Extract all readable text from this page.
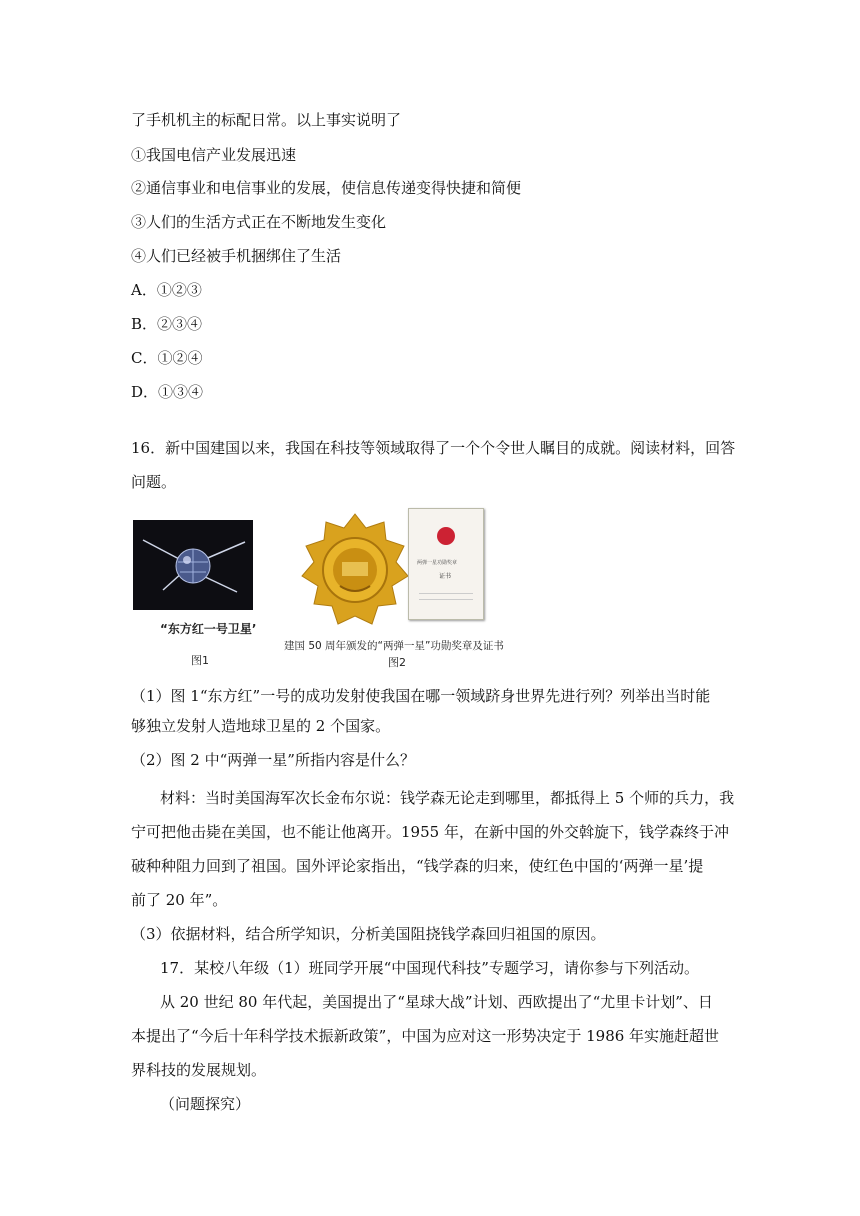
了手机机主的标配日常。以上事实说明了
①我国电信产业发展迅速
②通信事业和电信事业的发展，使信息传递变得快捷和简便
③人们的生活方式正在不断地发生变化
④人们已经被手机捆绑住了生活
A．①②③
B．②③④
C．①②④
D．①③④
16．新中国建国以来，我国在科技等领域取得了一个个令世人瞩目的成就。阅读材料，回答
问题。
“东方红一号卫星’
图1
两弹一星功勋奖章
证书
建国 50 周年颁发的“两弹一星”功勋奖章及证书
图2
（1）图 1“东方红”一号的成功发射使我国在哪一领域跻身世界先进行列？列举出当时能
够独立发射人造地球卫星的 2 个国家。
（2）图 2 中“两弹一星”所指内容是什么？
材料：当时美国海军次长金布尔说：钱学森无论走到哪里，都抵得上 5 个师的兵力，我
宁可把他击毙在美国，也不能让他离开。1955 年，在新中国的外交斡旋下，钱学森终于冲
破种种阻力回到了祖国。国外评论家指出，“钱学森的归来，使红色中国的‘两弹一星’提
前了 20 年”。
（3）依据材料，结合所学知识，分析美国阻挠钱学森回归祖国的原因。
17．某校八年级（1）班同学开展“中国现代科技”专题学习，请你参与下列活动。
从 20 世纪 80 年代起，美国提出了“星球大战”计划、西欧提出了“尤里卡计划”、日
本提出了“今后十年科学技术振新政策”，中国为应对这一形势决定于 1986 年实施赶超世
界科技的发展规划。
（问题探究）
